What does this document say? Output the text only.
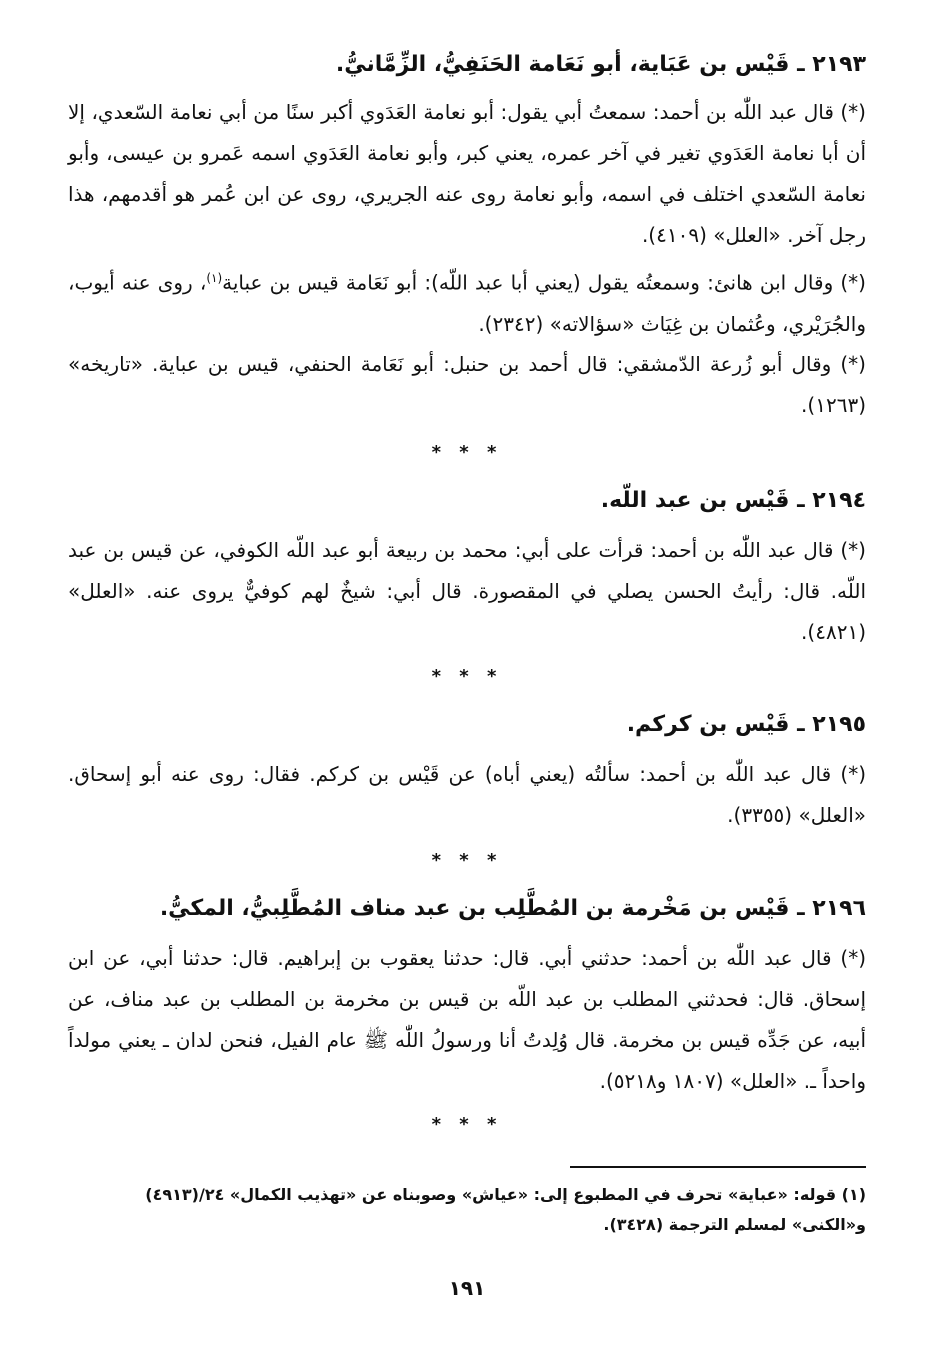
٢١٩٣ ـ قَيْس بن عَبَاية، أبو نَعَامة الحَنَفِيُّ، الزِّمَّانيُّ.
(*) قال عبد اللّٰه بن أحمد: سمعتُ أبي يقول: أبو نعامة العَدَوي أكبر سنًا من أبي نعامة السّعدي، إلا أن أبا نعامة العَدَوي تغير في آخر عمره، يعني كبر، وأبو نعامة العَدَوي اسمه عَمرو بن عيسى، وأبو نعامة السّعدي اختلف في اسمه، وأبو نعامة روى عنه الجريري، روى عن ابن عُمر هو أقدمهم، هذا رجل آخر. «العلل» (٤١٠٩).
(*) وقال ابن هانئ: وسمعتُه يقول (يعني أبا عبد اللّه): أبو نَعَامة قيس بن عباية$^{(١)}$، روى عنه أيوب، والجُرَيْري، وعُثمان بن غِيَاث «سؤالاته» (٢٣٤٢).
(*) وقال أبو زُرعة الدّمشقي: قال أحمد بن حنبل: أبو نَعَامة الحنفي، قيس بن عباية. «تاريخه» (١٢٦٣).
* * *
٢١٩٤ ـ قَيْس بن عبد اللّه.
(*) قال عبد اللّٰه بن أحمد: قرأت على أبي: محمد بن ربيعة أبو عبد اللّه الكوفي، عن قيس بن عبد اللّه. قال: رأيتُ الحسن يصلي في المقصورة. قال أبي: شيخٌ لهم كوفيٌّ يروى عنه. «العلل» (٤٨٢١).
* * *
٢١٩٥ ـ قَيْس بن كركم.
(*) قال عبد اللّٰه بن أحمد: سألتُه (يعني أباه) عن قَيْس بن كركم. فقال: روى عنه أبو إسحاق. «العلل» (٣٣٥٥).
* * *
٢١٩٦ ـ قَيْس بن مَخْرمة بن المُطَّلِب بن عبد مناف المُطَّلِبيُّ، المكيُّ.
(*) قال عبد اللّٰه بن أحمد: حدثني أبي. قال: حدثنا يعقوب بن إبراهيم. قال: حدثنا أبي، عن ابن إسحاق. قال: فحدثني المطلب بن عبد اللّه بن قيس بن مخرمة بن المطلب بن عبد مناف، عن أبيه، عن جَدِّه قيس بن مخرمة. قال وُلِدتُ أنا ورسولُ اللّٰه ﷺ عام الفيل، فنحن لدان ـ يعني مولداً واحداً ـ. «العلل» (١٨٠٧ و٥٢١٨).
* * *
(١) قوله: «عباية» تحرف في المطبوع إلى: «عياش» وصوبناه عن «تهذيب الكمال» ٢٤/(٤٩١٣) و«الكنى» لمسلم الترجمة (٣٤٢٨).
١٩١
